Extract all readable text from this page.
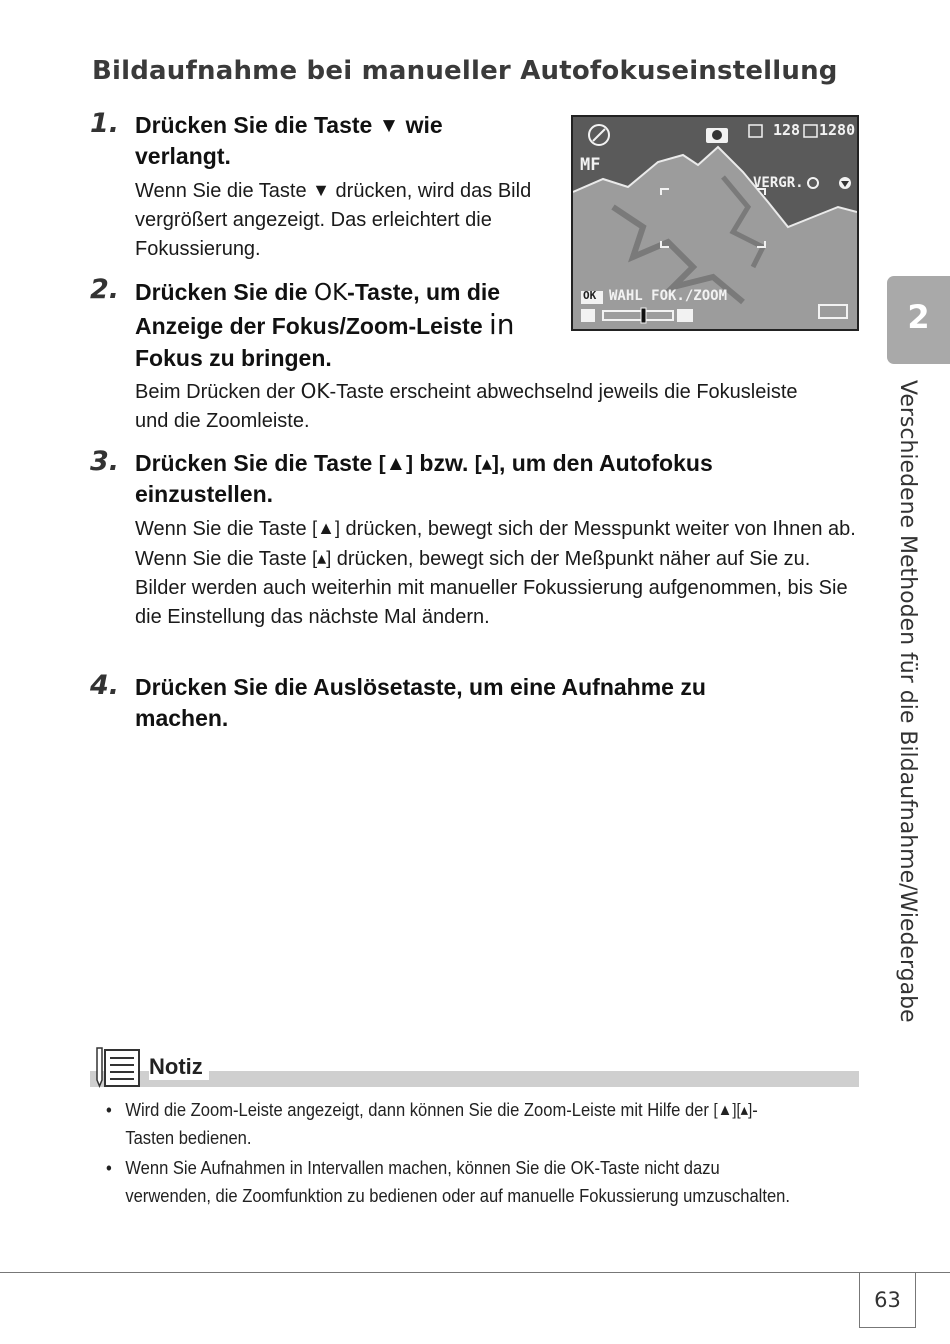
Bildaufnahme bei manueller Autofokuseinstellung
1. Drücken Sie die Taste ▼ wie verlangt.

Wenn Sie die Taste ▼ drücken, wird das Bild vergrößert angezeigt. Das erleichtert die Fokussierung.

128 1280
MF
VERGR.
OK WAHL FOK./ZOOM
2. Drücken Sie die OK-Taste, um die Anzeige der Fokus/Zoom-Leiste in Fokus zu bringen.

Beim Drücken der OK-Taste erscheint abwechselnd jeweils die Fokusleiste und die Zoomleiste.

3. Drücken Sie die Taste [▲] bzw. [▴], um den Autofokus einzustellen.

Wenn Sie die Taste [▲] drücken, bewegt sich der Messpunkt weiter von Ihnen ab. Wenn Sie die Taste [▴] drücken, bewegt sich der Meßpunkt näher auf Sie zu.
Bilder werden auch weiterhin mit manueller Fokussierung aufgenommen, bis Sie die Einstellung das nächste Mal ändern.

4. Drücken Sie die Auslösetaste, um eine Aufnahme zu machen.

2
Verschiedene Methoden für die Bildaufnahme/Wiedergabe

Notiz

• Wird die Zoom-Leiste angezeigt, dann können Sie die Zoom-Leiste mit Hilfe der [▲][▴]-Tasten bedienen.
• Wenn Sie Aufnahmen in Intervallen machen, können Sie die OK-Taste nicht dazu verwenden, die Zoomfunktion zu bedienen oder auf manuelle Fokussierung umzuschalten.
63
